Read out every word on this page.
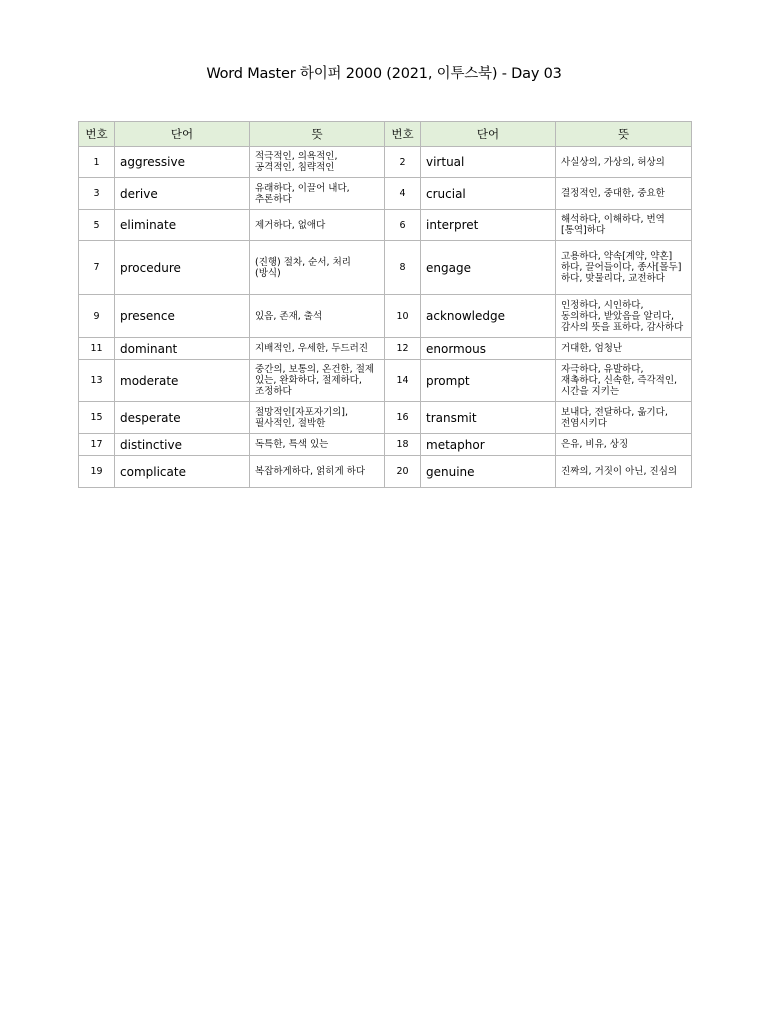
Word Master 하이퍼 2000 (2021, 이투스북) - Day 03
번호	단어	뜻	번호	단어	뜻
1	aggressive	적극적인, 의욕적인, 공격적인, 침략적인	2	virtual	사실상의, 가상의, 허상의
3	derive	유래하다, 이끌어 내다, 추론하다	4	crucial	결정적인, 중대한, 중요한
5	eliminate	제거하다, 없애다	6	interpret	해석하다, 이해하다, 번역[통역]하다
7	procedure	(진행) 절차, 순서, 처리 (방식)	8	engage	고용하다, 약속[계약, 약혼]하다, 끌어들이다, 종사[몰두]하다, 맞물리다, 교전하다
9	presence	있음, 존재, 출석	10	acknowledge	인정하다, 시인하다, 동의하다, 받았음을 알리다, 감사의 뜻을 표하다, 감사하다
11	dominant	지배적인, 우세한, 두드러진	12	enormous	거대한, 엄청난
13	moderate	중간의, 보통의, 온건한, 절제 있는, 완화하다, 절제하다, 조정하다	14	prompt	자극하다, 유발하다, 재촉하다, 신속한, 즉각적인, 시간을 지키는
15	desperate	절망적인[자포자기의], 필사적인, 절박한	16	transmit	보내다, 전달하다, 옮기다, 전염시키다
17	distinctive	독특한, 특색 있는	18	metaphor	은유, 비유, 상징
19	complicate	복잡하게하다, 얽히게 하다	20	genuine	진짜의, 거짓이 아닌, 진심의
